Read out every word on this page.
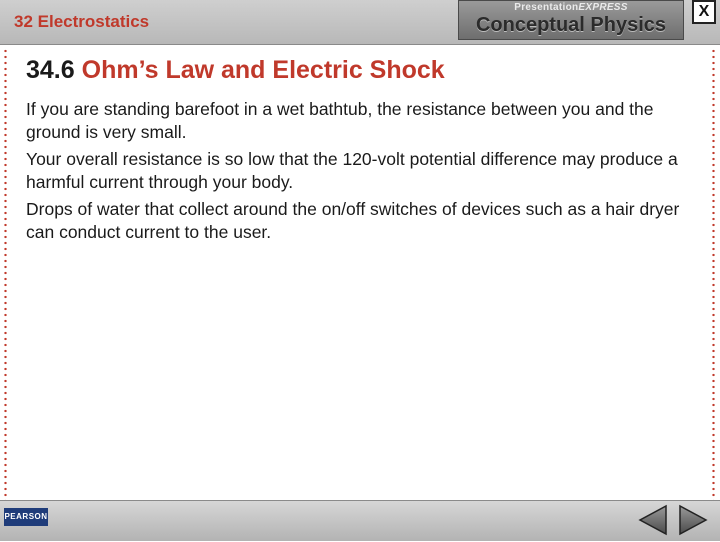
32 Electrostatics
PresentationEXPRESS
Conceptual Physics
X
34.6 Ohm’s Law and Electric Shock

If you are standing barefoot in a wet bathtub, the resistance between you and the ground is very small.

Your overall resistance is so low that the 120-volt potential difference may produce a harmful current through your body.

Drops of water that collect around the on/off switches of devices such as a hair dryer can conduct current to the user.

PEARSON
